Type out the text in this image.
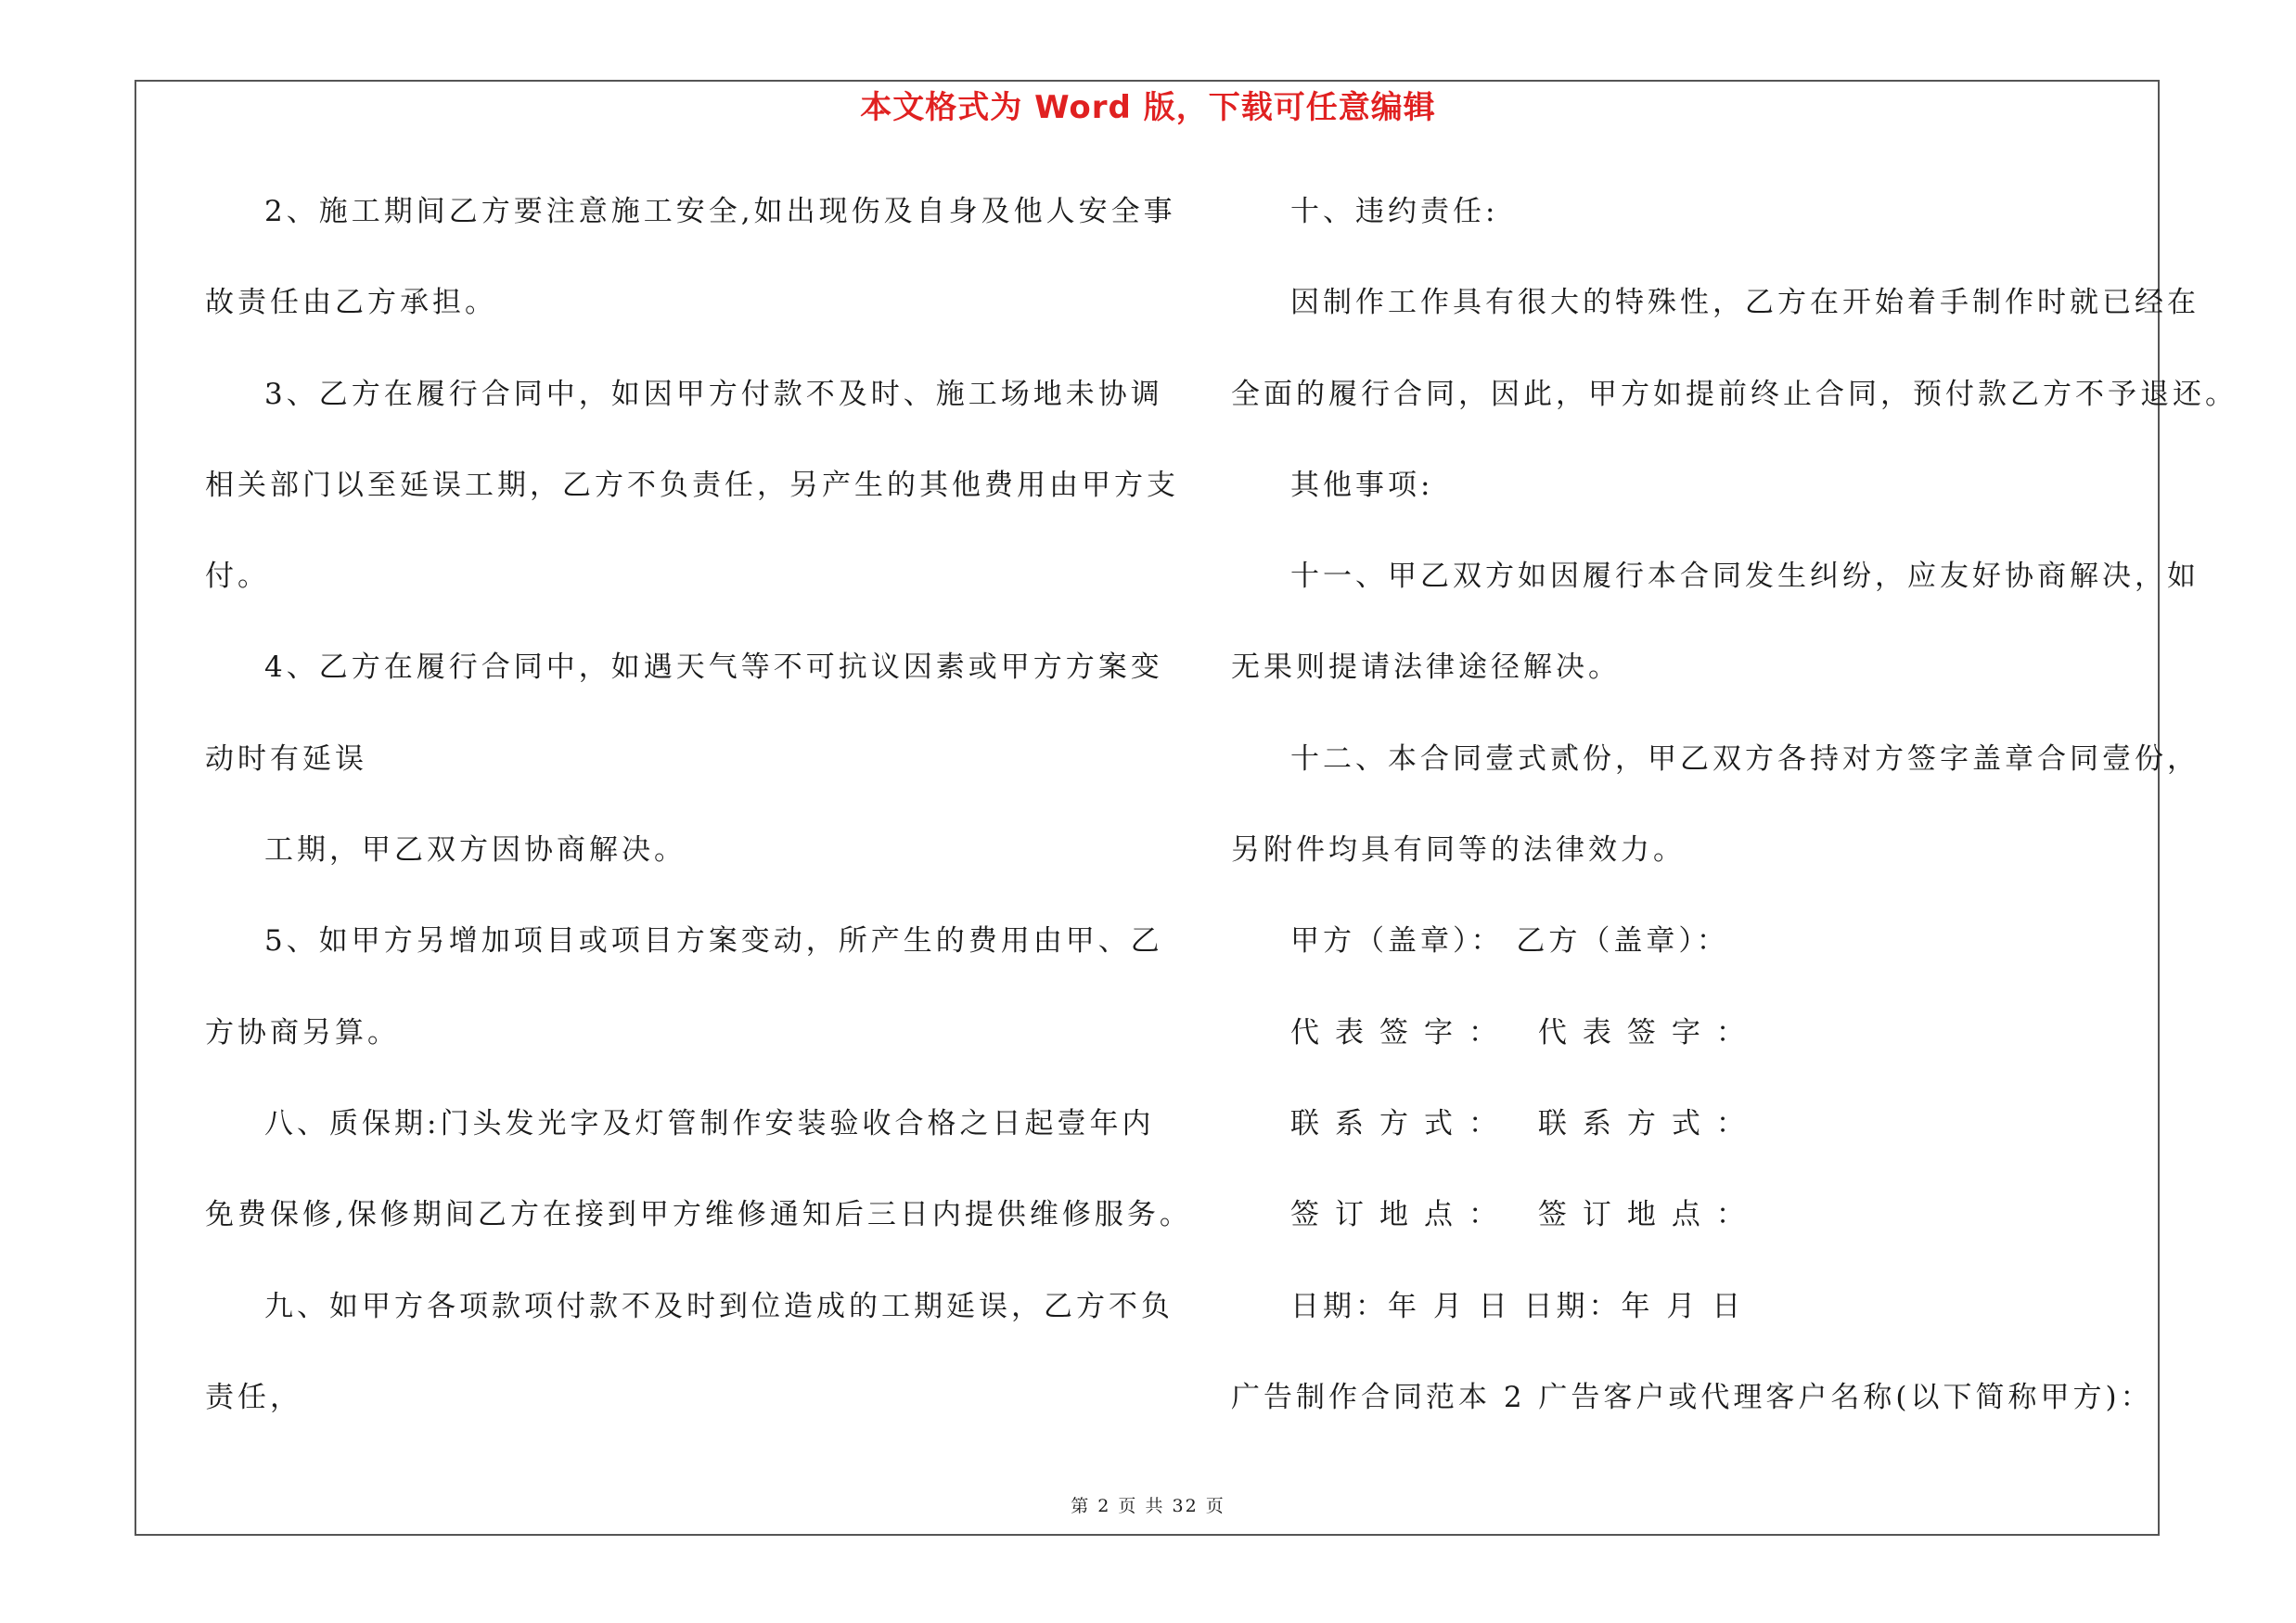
本文格式为 Word 版，下载可任意编辑
2、施工期间乙方要注意施工安全,如出现伤及自身及他人安全事
故责任由乙方承担。
3、乙方在履行合同中，如因甲方付款不及时、施工场地未协调
相关部门以至延误工期，乙方不负责任，另产生的其他费用由甲方支
付。
4、乙方在履行合同中，如遇天气等不可抗议因素或甲方方案变
动时有延误
工期，甲乙双方因协商解决。
5、如甲方另增加项目或项目方案变动，所产生的费用由甲、乙
方协商另算。
八、质保期:门头发光字及灯管制作安装验收合格之日起壹年内
免费保修,保修期间乙方在接到甲方维修通知后三日内提供维修服务。
九、如甲方各项款项付款不及时到位造成的工期延误，乙方不负
责任，
十、违约责任:
因制作工作具有很大的特殊性，乙方在开始着手制作时就已经在
全面的履行合同，因此，甲方如提前终止合同，预付款乙方不予退还。
其他事项:
十一、甲乙双方如因履行本合同发生纠纷，应友好协商解决，如
无果则提请法律途径解决。
十二、本合同壹式贰份，甲乙双方各持对方签字盖章合同壹份，
另附件均具有同等的法律效力。
甲方（盖章）： 乙方（盖章）：
代表签字： 代表签字：
联系方式： 联系方式：
签订地点： 签订地点：
日期：年 月 日 日期：年 月 日
广告制作合同范本 2 广告客户或代理客户名称(以下简称甲方)：
第 2 页 共 32 页
